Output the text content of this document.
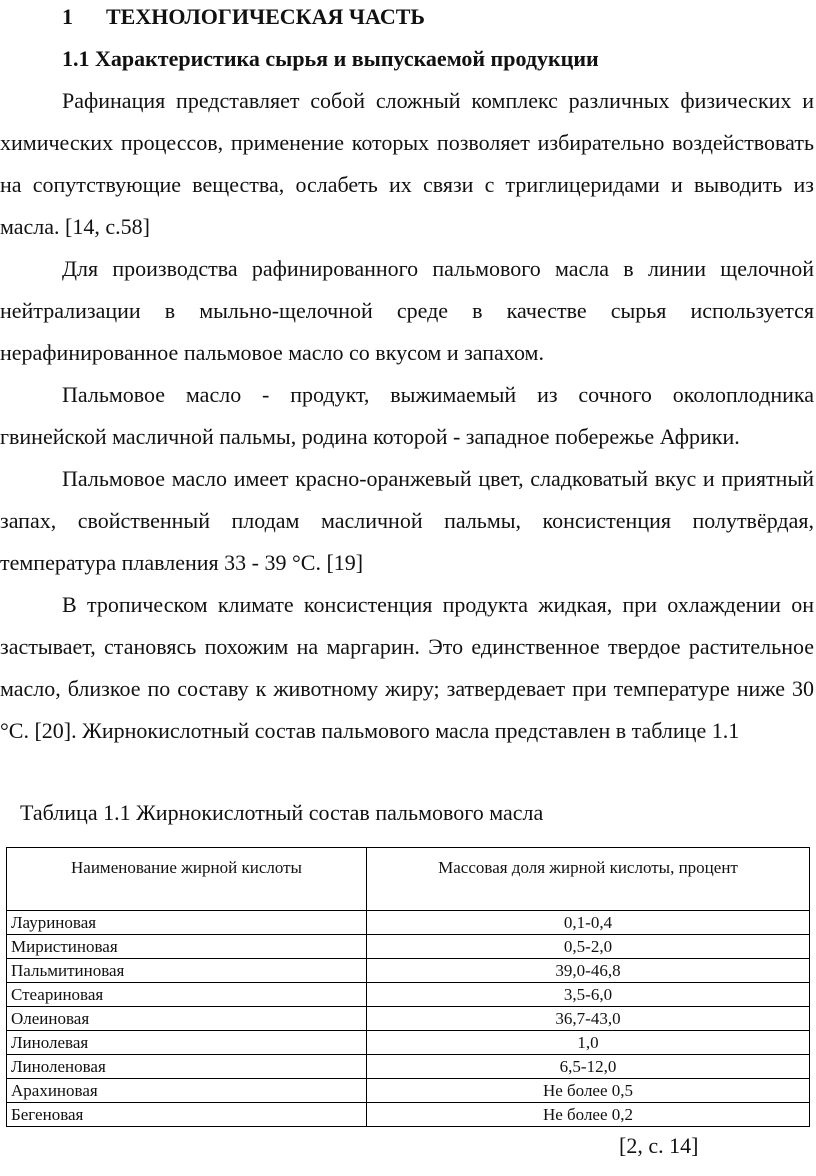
1 ТЕХНОЛОГИЧЕСКАЯ ЧАСТЬ
1.1 Характеристика сырья и выпускаемой продукции

Рафинация представляет собой сложный комплекс различных физических и химических процессов, применение которых позволяет избирательно воздействовать на сопутствующие вещества, ослабеть их связи с триглицеридами и выводить из масла. [14, с.58]

Для производства рафинированного пальмового масла в линии щелочной нейтрализации в мыльно-щелочной среде в качестве сырья используется нерафинированное пальмовое масло со вкусом и запахом.

Пальмовое масло - продукт, выжимаемый из сочного околоплодника гвинейской масличной пальмы, родина которой - западное побережье Африки.

Пальмовое масло имеет красно-оранжевый цвет, сладковатый вкус и приятный запах, свойственный плодам масличной пальмы, консистенция полутвёрдая, температура плавления 33 - 39 °С. [19]

В тропическом климате консистенция продукта жидкая, при охлаждении он застывает, становясь похожим на маргарин. Это единственное твердое растительное масло, близкое по составу к животному жиру; затвердевает при температуре ниже 30 °С. [20]. Жирнокислотный состав пальмового масла представлен в таблице 1.1

Таблица 1.1 Жирнокислотный состав пальмового масла
Наименование жирной кислоты	Массовая доля жирной кислоты, процент
Лауриновая	0,1-0,4
Миристиновая	0,5-2,0
Пальмитиновая	39,0-46,8
Стеариновая	3,5-6,0
Олеиновая	36,7-43,0
Линолевая	1,0
Линоленовая	6,5-12,0
Арахиновая	Не более 0,5
Бегеновая	Не более 0,2
[2, с. 14]
